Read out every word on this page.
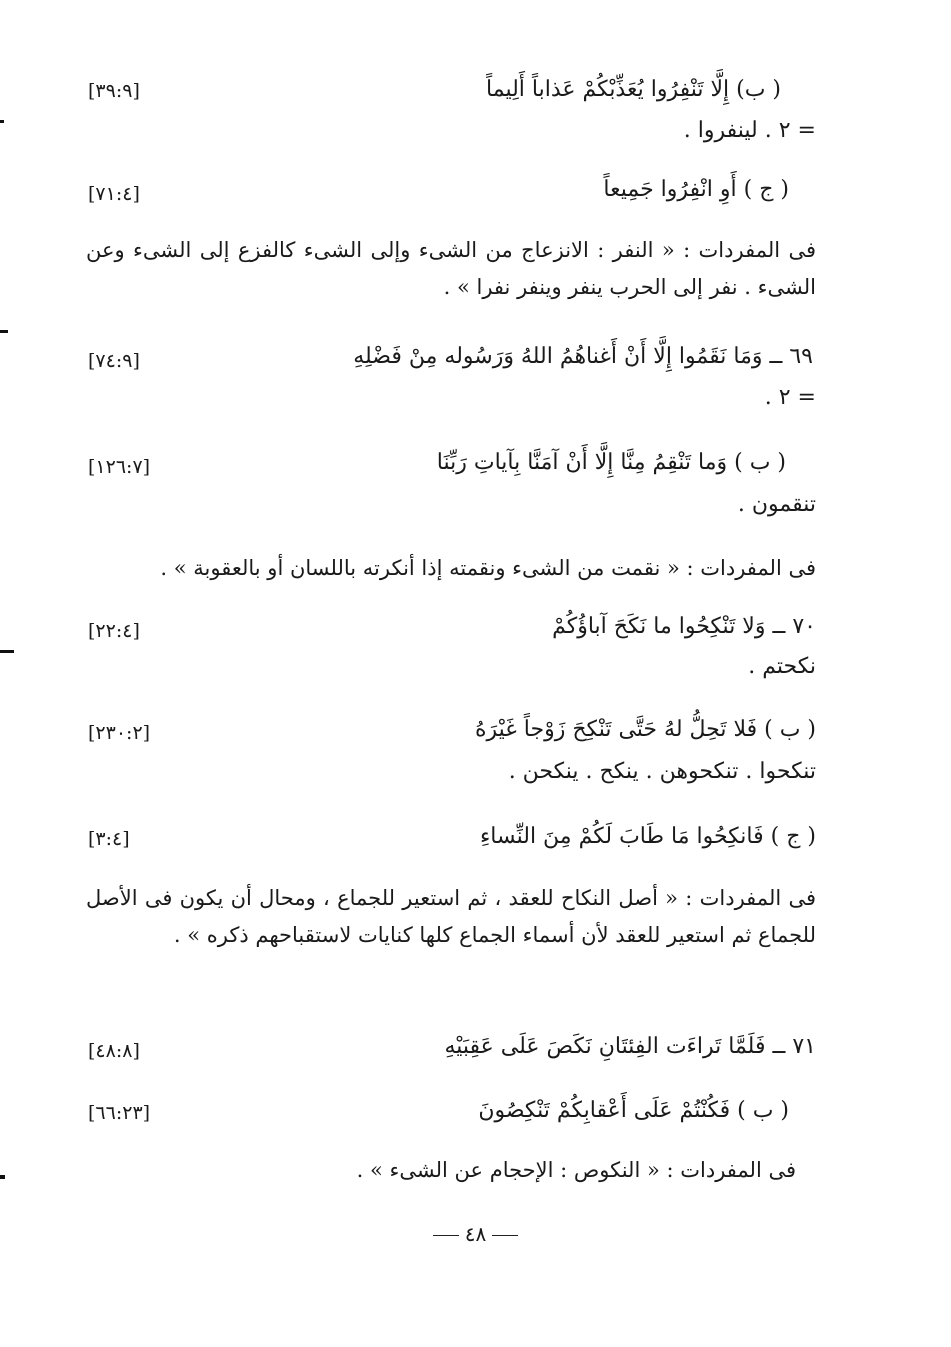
( ب) إِلَّا تَنْفِرُوا يُعَذِّبْكُمْ عَذاباً أَلِيماً
[٣٩:٩]
= ٢ . لينفروا .
( ج ) أَوِ انْفِرُوا جَمِيعاً
[٧١:٤]
فى المفردات : « النفر : الانزعاج من الشىء وإلى الشىء كالفزع إلى الشىء وعن الشىء . نفر إلى الحرب ينفر وينفر نفرا » .
٦٩ ــ وَمَا نَقَمُوا إِلَّا أَنْ أَغناهُمُ اللهُ وَرَسُوله مِنْ فَضْلِهِ
[٧٤:٩]
= ٢ .
( ب ) وَما تَنْقِمُ مِنَّا إِلَّا أَنْ آمَنَّا بِآياتِ رَبِّنَا
[١٢٦:٧]
تنقمون .
فى المفردات : « نقمت من الشىء ونقمته إذا أنكرته باللسان أو بالعقوبة » .
٧٠ ــ وَلا تَنْكِحُوا ما نَكَحَ آباؤُكُمْ
[٢٢:٤]
نكحتم .
( ب ) فَلا تَحِلُّ لهُ حَتَّى تَنْكِحَ زَوْجاً غَيْرَهُ
[٢٣٠:٢]
تنكحوا . تنكحوهن . ينكح . ينكحن .
( ج ) فَانكِحُوا مَا طَابَ لَكُمْ مِنَ النِّساءِ
[٣:٤]
فى المفردات : « أصل النكاح للعقد ، ثم استعير للجماع ، ومحال أن يكون فى الأصل للجماع ثم استعير للعقد لأن أسماء الجماع كلها كنايات لاستقباحهم ذكره » .
٧١ ــ فَلَمَّا تَراءَت الفِئتَانِ نَكَصَ عَلَى عَقِبَيْهِ
[٤٨:٨]
( ب ) فَكُنْتُمْ عَلَى أَعْقابِكُمْ تَنْكِصُونَ
[٦٦:٢٣]
فى المفردات : « النكوص : الإحجام عن الشىء » .
٤٨
